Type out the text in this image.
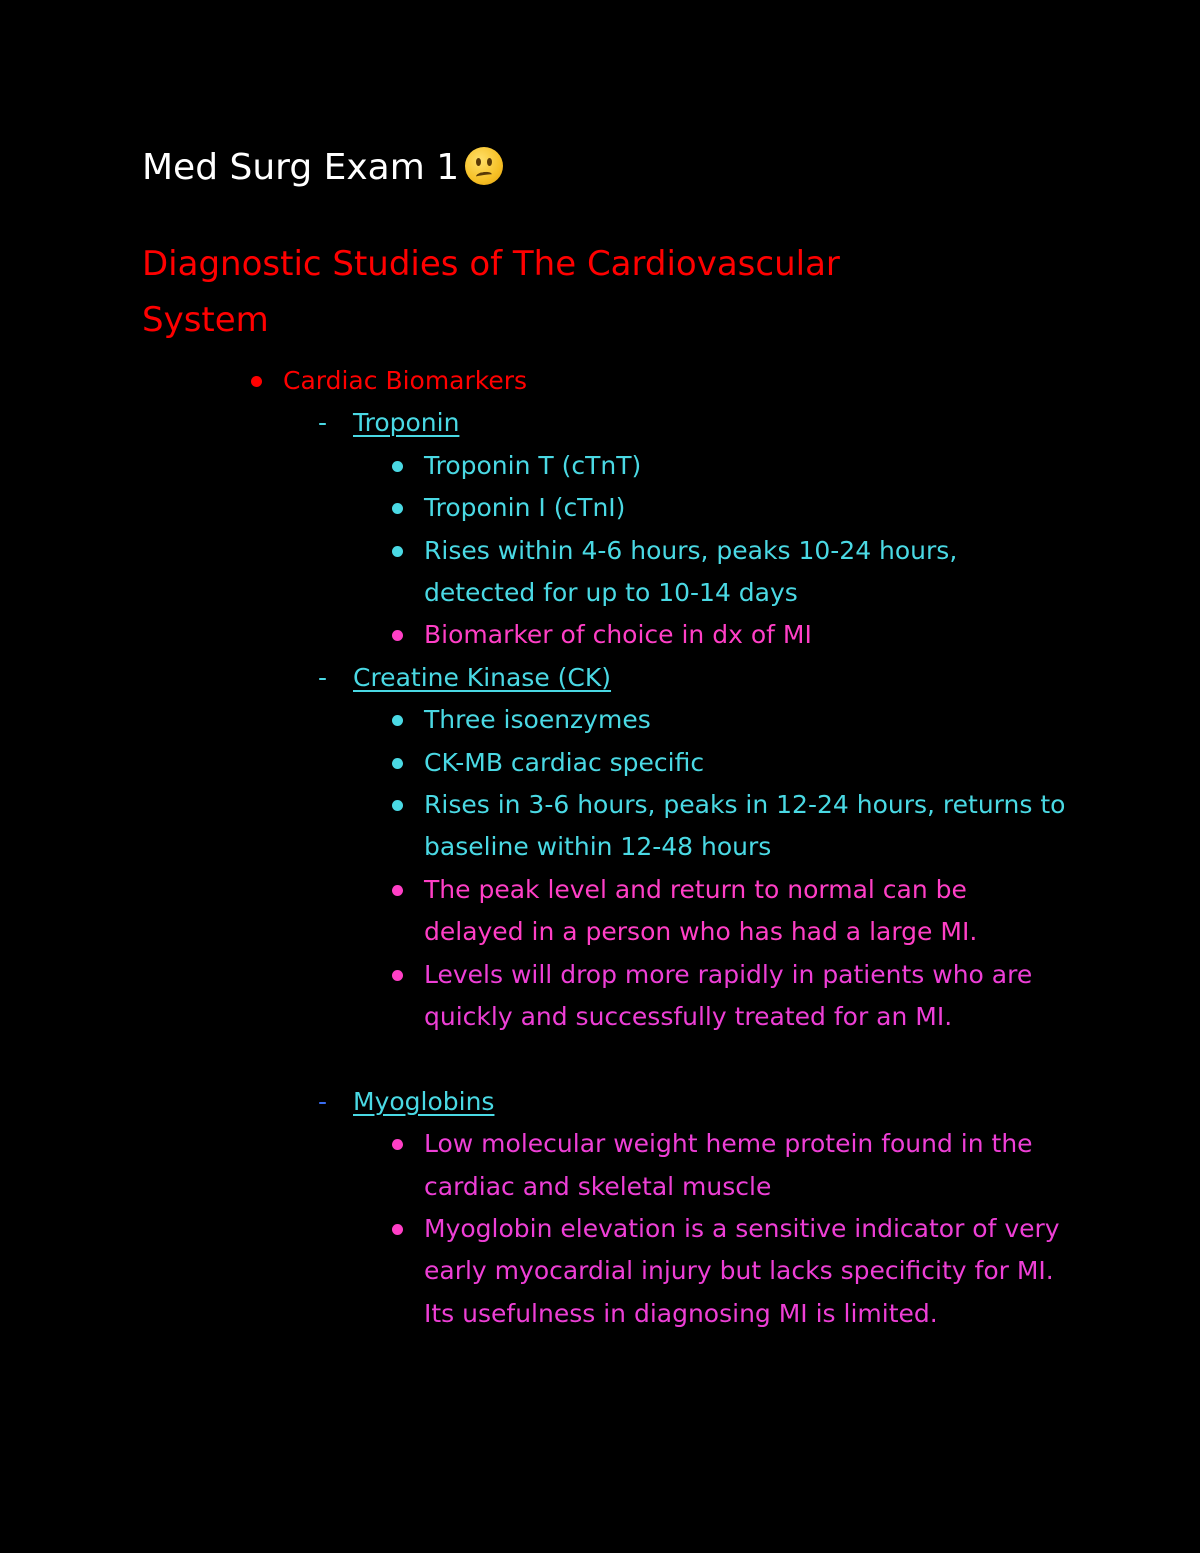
Med Surg Exam 1
Diagnostic Studies of The Cardiovascular System
Cardiac Biomarkers
- Troponin
Troponin T (cTnT)
Troponin I (cTnI)
Rises within 4-6 hours, peaks 10-24 hours, detected for up to 10-14 days
Biomarker of choice in dx of MI
- Creatine Kinase (CK)
Three isoenzymes
CK-MB cardiac specific
Rises in 3-6 hours, peaks in 12-24 hours, returns to baseline within 12-48 hours
The peak level and return to normal can be delayed in a person who has had a large MI.
Levels will drop more rapidly in patients who are quickly and successfully treated for an MI.
- Myoglobins
Low molecular weight heme protein found in the cardiac and skeletal muscle
Myoglobin elevation is a sensitive indicator of very early myocardial injury but lacks specificity for MI. Its usefulness in diagnosing MI is limited.
